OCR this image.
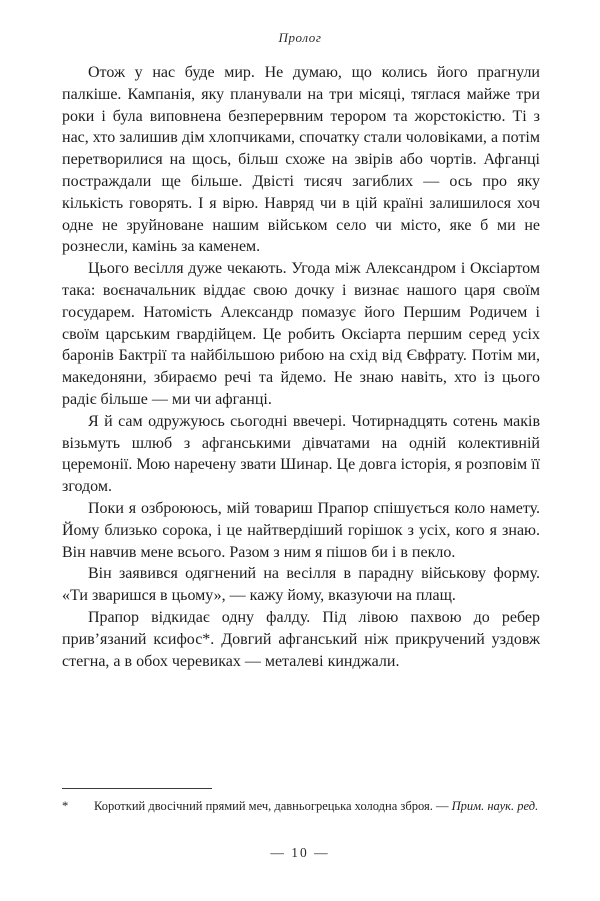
Пролог

Отож у нас буде мир. Не думаю, що колись його прагнули палкіше. Кампанія, яку планували на три місяці, тяглася майже три роки і була виповнена безперервним терором та жорстокістю. Ті з нас, хто залишив дім хлопчиками, спочатку стали чоловіками, а потім перетворилися на щось, більш схоже на звірів або чортів. Афганці постраждали ще більше. Двісті тисяч загиблих — ось про яку кількість говорять. І я вірю. Навряд чи в цій країні залишилося хоч одне не зруйноване нашим військом село чи місто, яке б ми не рознесли, камінь за каменем.

Цього весілля дуже чекають. Угода між Александром і Оксіартом така: воєначальник віддає свою дочку і визнає нашого царя своїм государем. Натомість Александр помазує його Першим Родичем і своїм царським гвардійцем. Це робить Оксіарта першим серед усіх баронів Бактрії та найбільшою рибою на схід від Євфрату. Потім ми, македоняни, збираємо речі та йдемо. Не знаю навіть, хто із цього радіє більше — ми чи афганці.

Я й сам одружуюсь сьогодні ввечері. Чотирнадцять сотень маків візьмуть шлюб з афганськими дівчатами на одній колективній церемонії. Мою наречену звати Шинар. Це довга історія, я розповім її згодом.

Поки я озброююсь, мій товариш Прапор спішується коло намету. Йому близько сорока, і це найтвердіший горішок з усіх, кого я знаю. Він навчив мене всього. Разом з ним я пішов би і в пекло.

Він заявився одягнений на весілля в парадну військову форму. «Ти зваришся в цьому», — кажу йому, вказуючи на плащ.

Прапор відкидає одну фалду. Під лівою пахвою до ребер прив’язаний ксифос*. Довгий афганський ніж прикручений уздовж стегна, а в обох черевиках — металеві кинджали.

*	Короткий двосічний прямий меч, давньогрецька холодна зброя. — Прим. наук. ред.
— 10 —
